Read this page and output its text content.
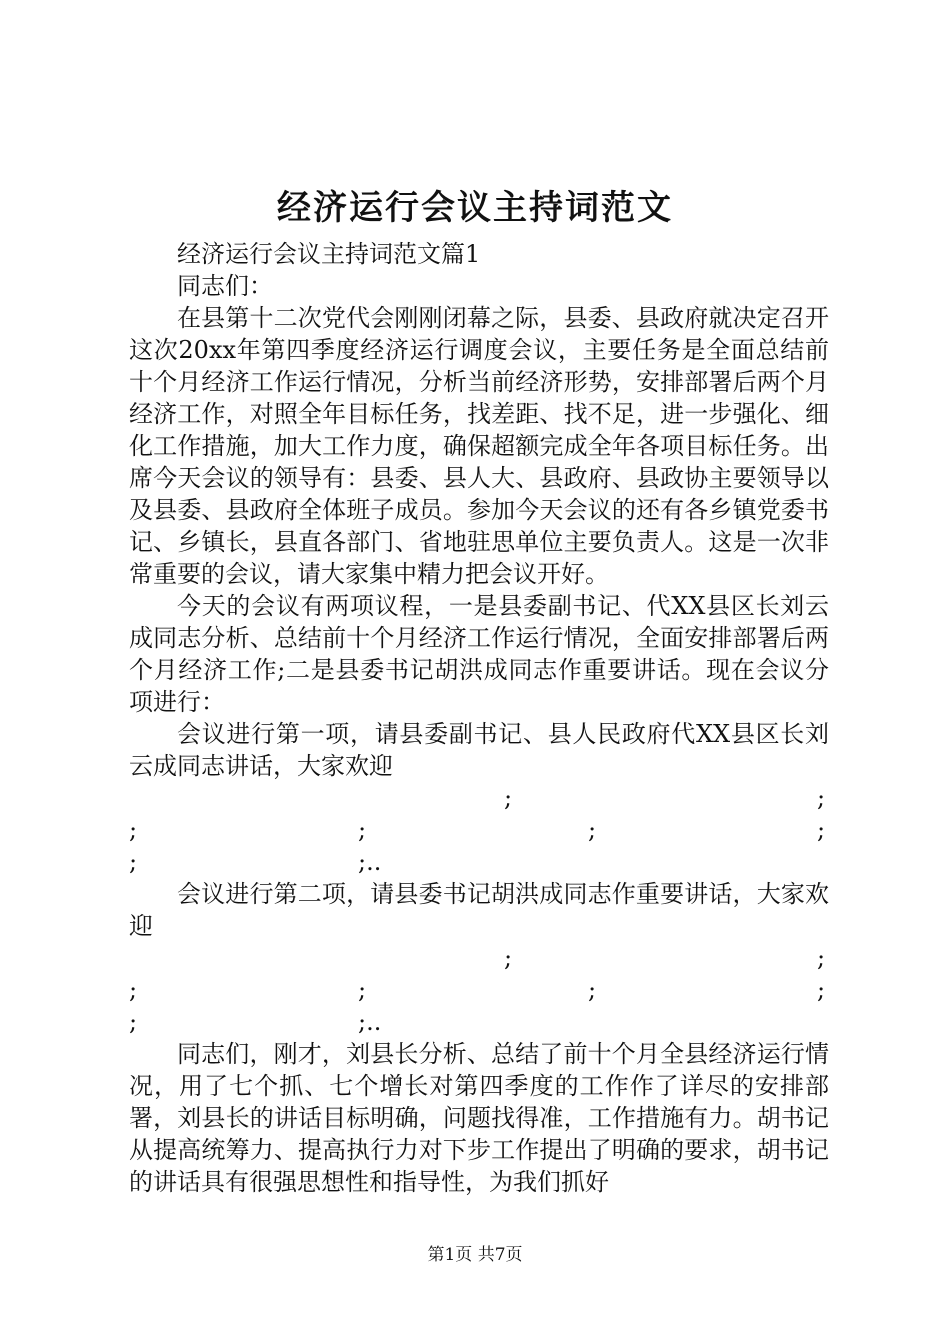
经济运行会议主持词范文

经济运行会议主持词范文篇1

同志们：

在县第十二次党代会刚刚闭幕之际，县委、县政府就决定召开这次20xx年第四季度经济运行调度会议，主要任务是全面总结前十个月经济工作运行情况，分析当前经济形势，安排部署后两个月经济工作，对照全年目标任务，找差距、找不足，进一步强化、细化工作措施，加大工作力度，确保超额完成全年各项目标任务。出席今天会议的领导有：县委、县人大、县政府、县政协主要领导以及县委、县政府全体班子成员。参加今天会议的还有各乡镇党委书记、乡镇长，县直各部门、省地驻思单位主要负责人。这是一次非常重要的会议，请大家集中精力把会议开好。

今天的会议有两项议程，一是县委副书记、代XX县区长刘云成同志分析、总结前十个月经济工作运行情况，全面安排部署后两个月经济工作;二是县委书记胡洪成同志作重要讲话。现在会议分项进行：

会议进行第一项，请县委副书记、县人民政府代XX县区长刘云成同志讲话，大家欢迎

;	;
;	;	;	;
;	;..

会议进行第二项，请县委书记胡洪成同志作重要讲话，大家欢迎

;	;
;	;	;	;
;	;..

同志们，刚才，刘县长分析、总结了前十个月全县经济运行情况，用了七个抓、七个增长对第四季度的工作作了详尽的安排部署，刘县长的讲话目标明确，问题找得准，工作措施有力。胡书记从提高统筹力、提高执行力对下步工作提出了明确的要求，胡书记的讲话具有很强思想性和指导性，为我们抓好

第1页 共7页
